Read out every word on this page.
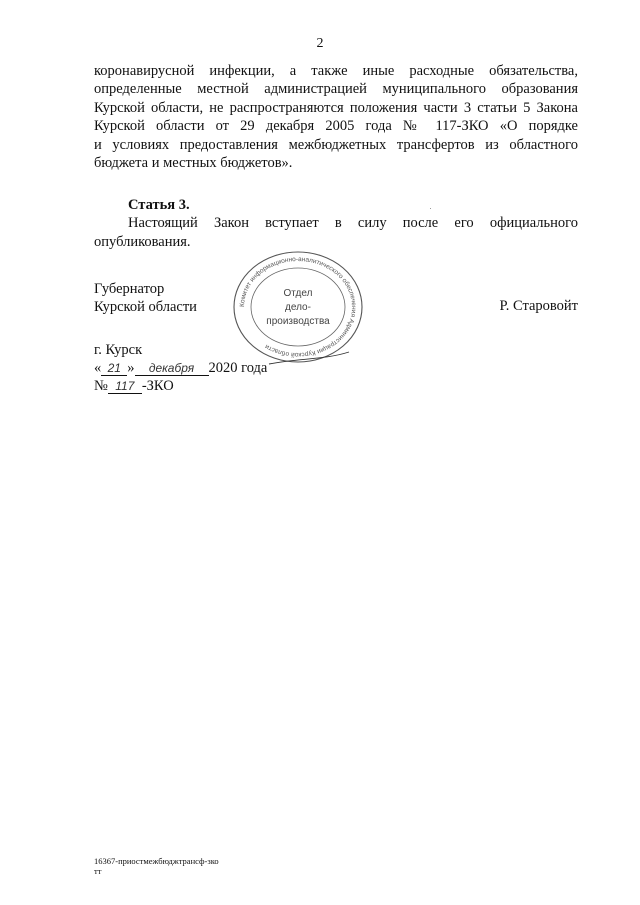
2
коронавирусной инфекции, а также иные расходные обязательства,
определенные местной администрацией муниципального образования
Курской области, не распространяются положения части 3 статьи 5 Закона
Курской области от 29 декабря 2005 года № 117-ЗКО «О порядке
и условиях предоставления межбюджетных трансфертов из областного
бюджета и местных бюджетов».
Статья 3.
Настоящий Закон вступает в силу после его официального опубликования.
Губернатор
Курской области	Р. Старовойт
Комитет информационно-аналитического обеспечения Администрации Курской области
Отдел
дело-
производства
г. Курск
« 21 » декабря 2020 года
№ 117 -ЗКО
16367-приостмежбюджтрансф-зко
тт
